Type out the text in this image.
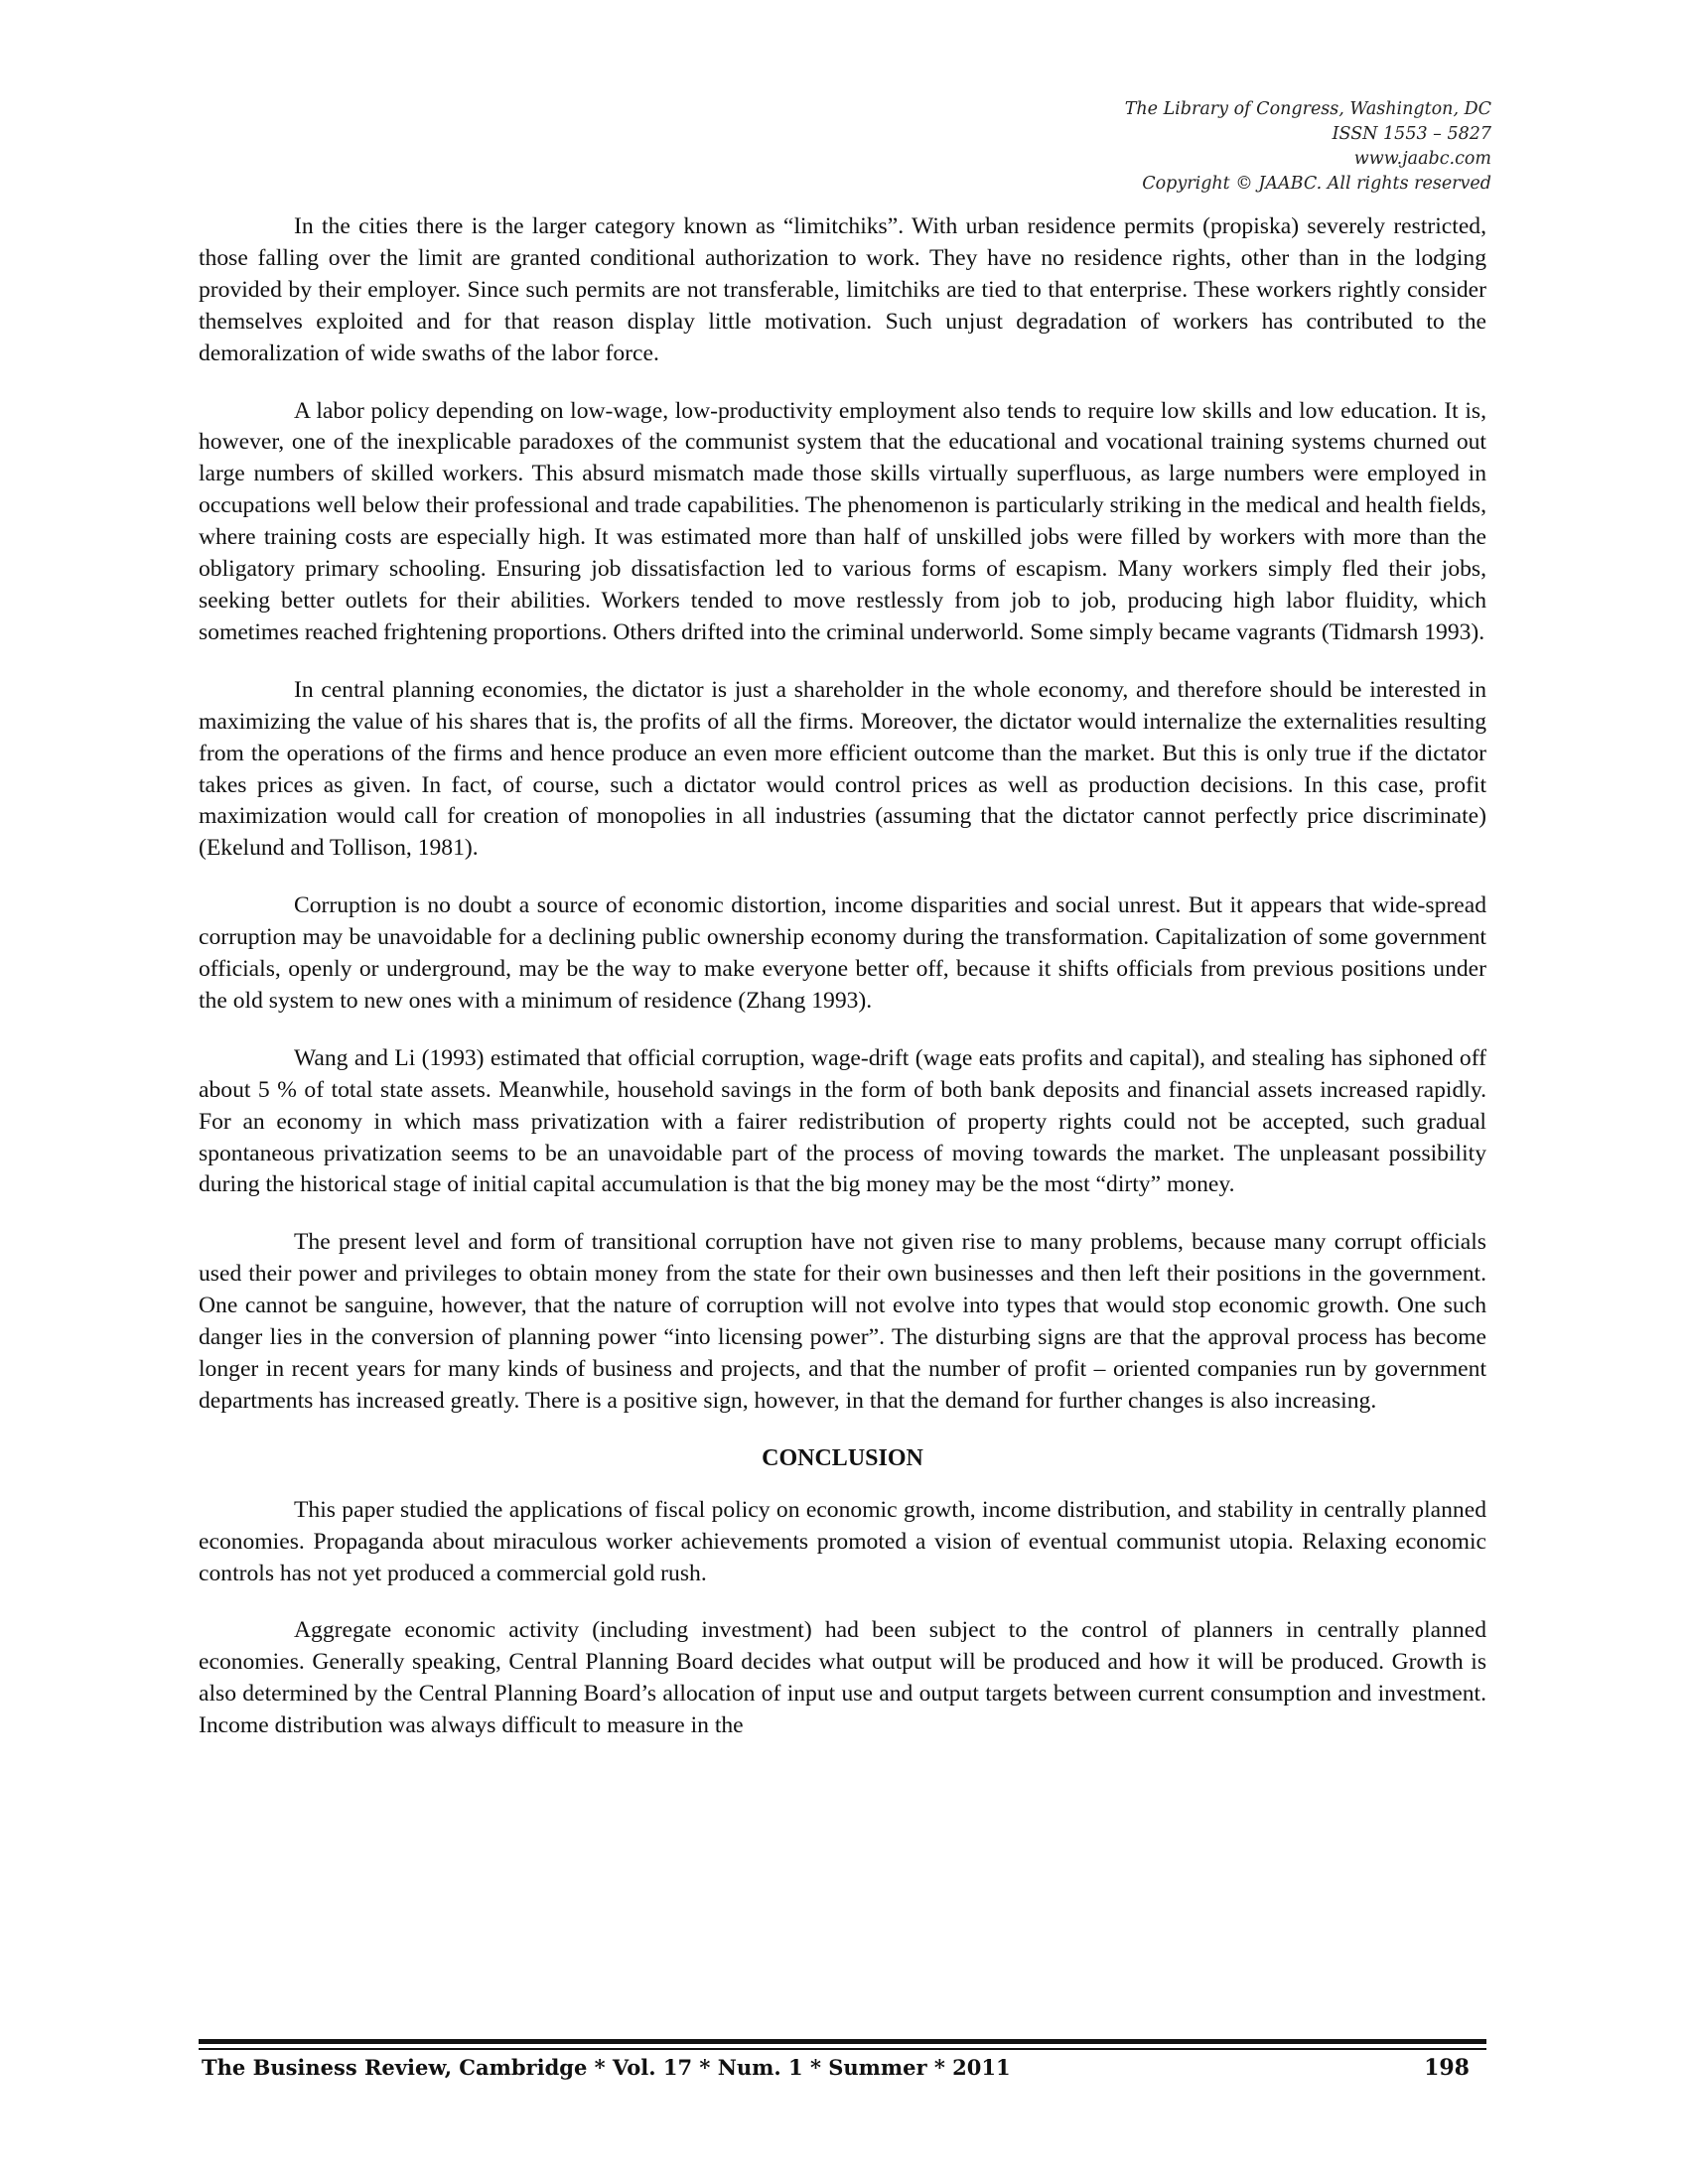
The Library of Congress, Washington, DC
ISSN 1553 – 5827
www.jaabc.com
Copyright © JAABC. All rights reserved

In the cities there is the larger category known as “limitchiks”. With urban residence permits (propiska) severely restricted, those falling over the limit are granted conditional authorization to work. They have no residence rights, other than in the lodging provided by their employer. Since such permits are not transferable, limitchiks are tied to that enterprise. These workers rightly consider themselves exploited and for that reason display little motivation. Such unjust degradation of workers has contributed to the demoralization of wide swaths of the labor force.

A labor policy depending on low-wage, low-productivity employment also tends to require low skills and low education. It is, however, one of the inexplicable paradoxes of the communist system that the educational and vocational training systems churned out large numbers of skilled workers. This absurd mismatch made those skills virtually superfluous, as large numbers were employed in occupations well below their professional and trade capabilities. The phenomenon is particularly striking in the medical and health fields, where training costs are especially high. It was estimated more than half of unskilled jobs were filled by workers with more than the obligatory primary schooling. Ensuring job dissatisfaction led to various forms of escapism. Many workers simply fled their jobs, seeking better outlets for their abilities. Workers tended to move restlessly from job to job, producing high labor fluidity, which sometimes reached frightening proportions. Others drifted into the criminal underworld. Some simply became vagrants (Tidmarsh 1993).

In central planning economies, the dictator is just a shareholder in the whole economy, and therefore should be interested in maximizing the value of his shares that is, the profits of all the firms. Moreover, the dictator would internalize the externalities resulting from the operations of the firms and hence produce an even more efficient outcome than the market. But this is only true if the dictator takes prices as given. In fact, of course, such a dictator would control prices as well as production decisions. In this case, profit maximization would call for creation of monopolies in all industries (assuming that the dictator cannot perfectly price discriminate) (Ekelund and Tollison, 1981).

Corruption is no doubt a source of economic distortion, income disparities and social unrest. But it appears that wide-spread corruption may be unavoidable for a declining public ownership economy during the transformation. Capitalization of some government officials, openly or underground, may be the way to make everyone better off, because it shifts officials from previous positions under the old system to new ones with a minimum of residence (Zhang 1993).

Wang and Li (1993) estimated that official corruption, wage-drift (wage eats profits and capital), and stealing has siphoned off about 5 % of total state assets. Meanwhile, household savings in the form of both bank deposits and financial assets increased rapidly. For an economy in which mass privatization with a fairer redistribution of property rights could not be accepted, such gradual spontaneous privatization seems to be an unavoidable part of the process of moving towards the market. The unpleasant possibility during the historical stage of initial capital accumulation is that the big money may be the most “dirty” money.

The present level and form of transitional corruption have not given rise to many problems, because many corrupt officials used their power and privileges to obtain money from the state for their own businesses and then left their positions in the government. One cannot be sanguine, however, that the nature of corruption will not evolve into types that would stop economic growth. One such danger lies in the conversion of planning power “into licensing power”. The disturbing signs are that the approval process has become longer in recent years for many kinds of business and projects, and that the number of profit – oriented companies run by government departments has increased greatly. There is a positive sign, however, in that the demand for further changes is also increasing.

CONCLUSION

This paper studied the applications of fiscal policy on economic growth, income distribution, and stability in centrally planned economies. Propaganda about miraculous worker achievements promoted a vision of eventual communist utopia. Relaxing economic controls has not yet produced a commercial gold rush.

Aggregate economic activity (including investment) had been subject to the control of planners in centrally planned economies. Generally speaking, Central Planning Board decides what output will be produced and how it will be produced. Growth is also determined by the Central Planning Board’s allocation of input use and output targets between current consumption and investment. Income distribution was always difficult to measure in the

The Business Review, Cambridge * Vol. 17 * Num. 1 * Summer * 2011	198
